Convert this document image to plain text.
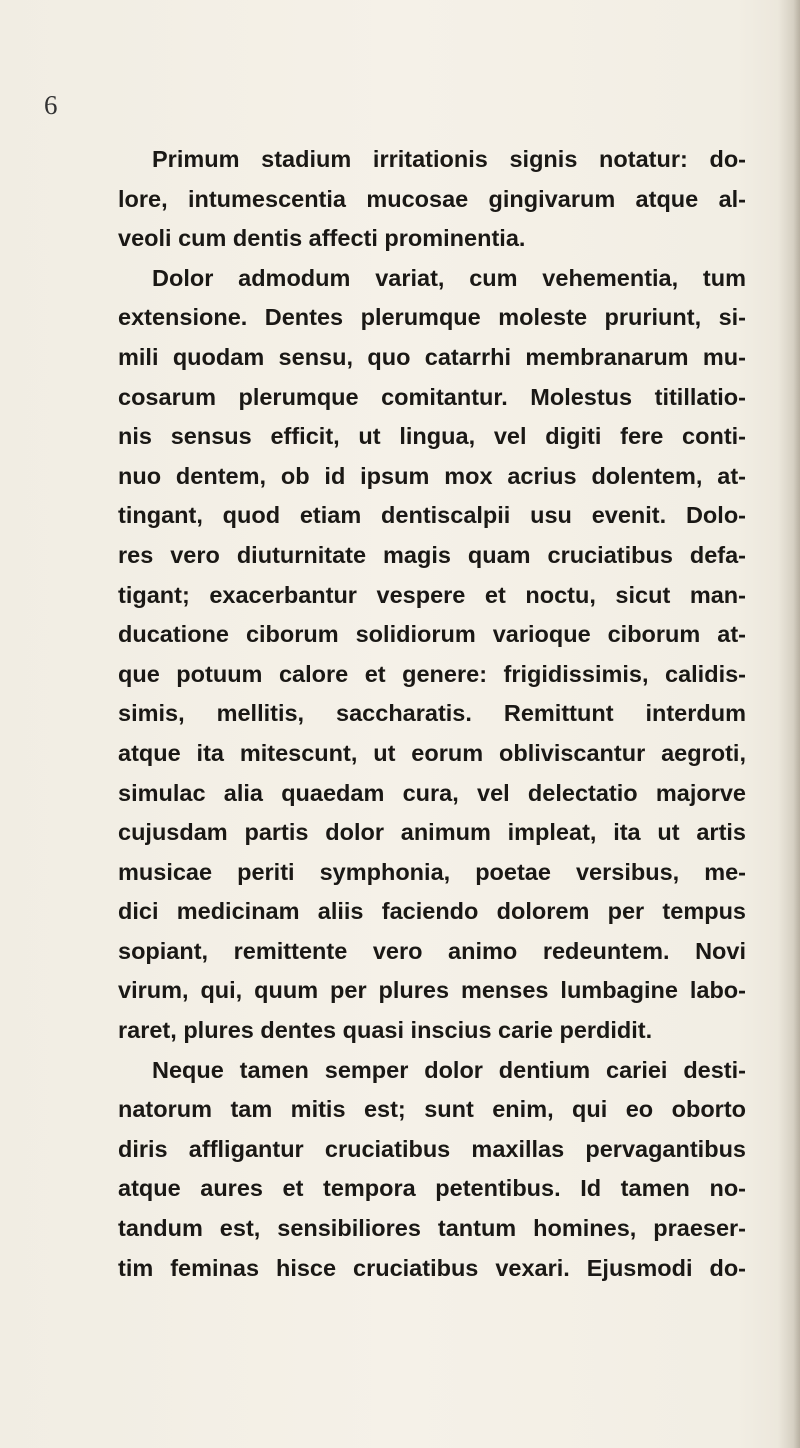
6
Primum stadium irritationis signis notatur: do-
lore, intumescentia mucosae gingivarum atque al-
veoli cum dentis affecti prominentia.
Dolor admodum variat, cum vehementia, tum
extensione. Dentes plerumque moleste pruriunt, si-
mili quodam sensu, quo catarrhi membranarum mu-
cosarum plerumque comitantur. Molestus titillatio-
nis sensus efficit, ut lingua, vel digiti fere conti-
nuo dentem, ob id ipsum mox acrius dolentem, at-
tingant, quod etiam dentiscalpii usu evenit. Dolo-
res vero diuturnitate magis quam cruciatibus defa-
tigant; exacerbantur vespere et noctu, sicut man-
ducatione ciborum solidiorum varioque ciborum at-
que potuum calore et genere: frigidissimis, calidis-
simis, mellitis, saccharatis. Remittunt interdum
atque ita mitescunt, ut eorum obliviscantur aegroti,
simulac alia quaedam cura, vel delectatio majorve
cujusdam partis dolor animum impleat, ita ut artis
musicae periti symphonia, poetae versibus, me-
dici medicinam aliis faciendo dolorem per tempus
sopiant, remittente vero animo redeuntem. Novi
virum, qui, quum per plures menses lumbagine labo-
raret, plures dentes quasi inscius carie perdidit.
Neque tamen semper dolor dentium cariei desti-
natorum tam mitis est; sunt enim, qui eo oborto
diris affligantur cruciatibus maxillas pervagantibus
atque aures et tempora petentibus. Id tamen no-
tandum est, sensibiliores tantum homines, praeser-
tim feminas hisce cruciatibus vexari. Ejusmodi do-
